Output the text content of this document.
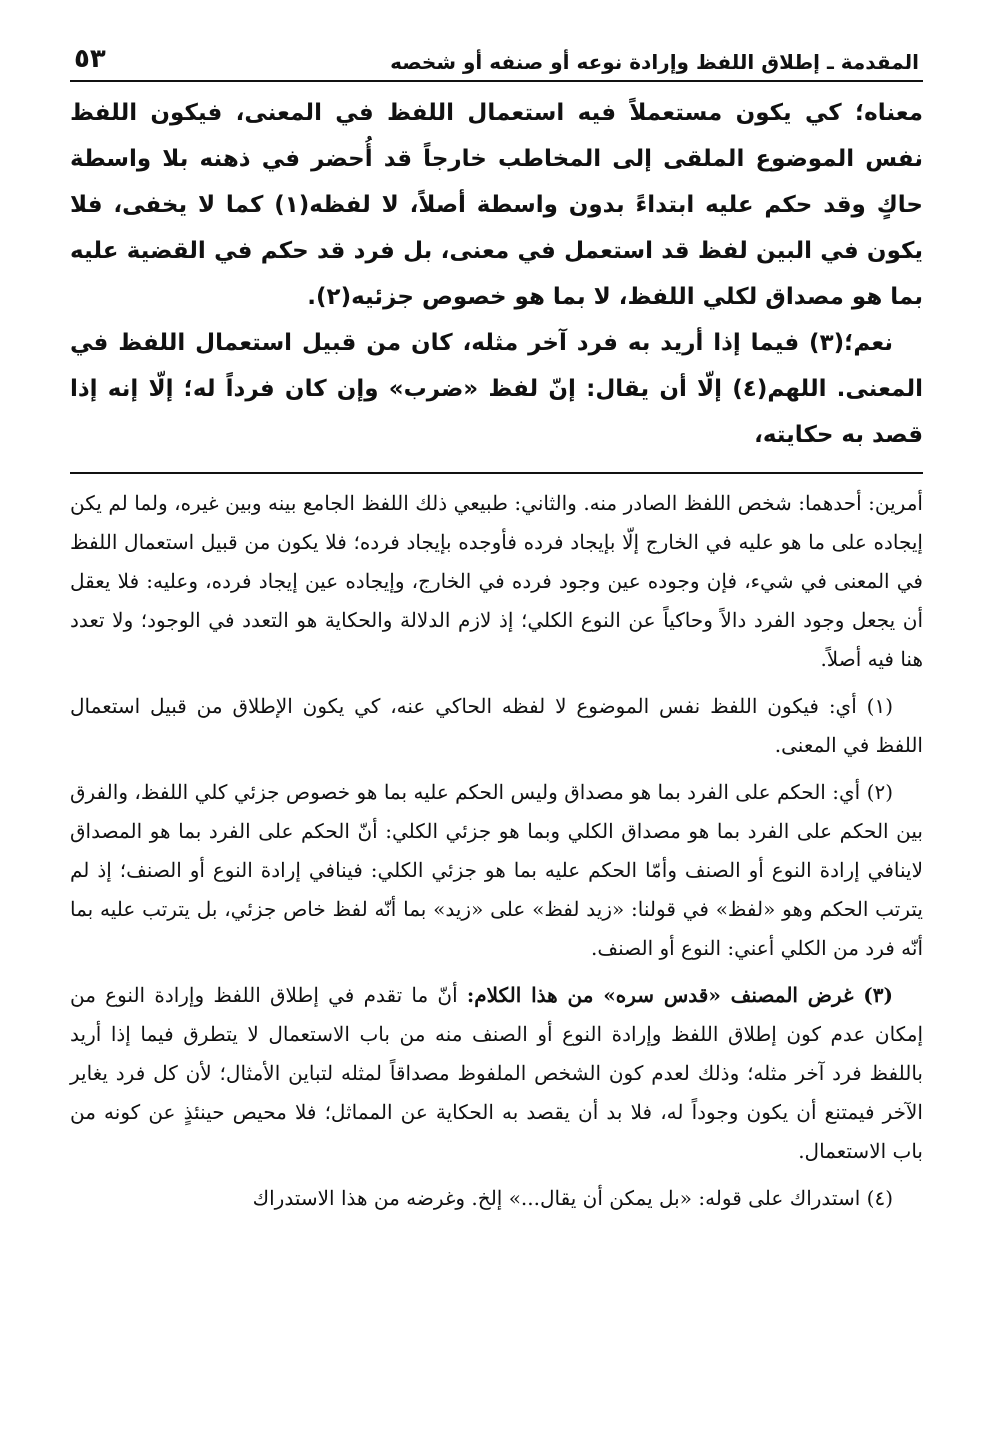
المقدمة ـ إطلاق اللفظ وإرادة نوعه أو صنفه أو شخصه
٥٣

معناه؛ كي يكون مستعملاً فيه استعمال اللفظ في المعنى، فيكون اللفظ نفس الموضوع الملقى إلى المخاطب خارجاً قد أُحضر في ذهنه بلا واسطة حاكٍ وقد حكم عليه ابتداءً بدون واسطة أصلاً، لا لفظه(١) كما لا يخفى، فلا يكون في البين لفظ قد استعمل في معنى، بل فرد قد حكم في القضية عليه بما هو مصداق لكلي اللفظ، لا بما هو خصوص جزئيه(٢).

نعم؛(٣) فيما إذا أريد به فرد آخر مثله، كان من قبيل استعمال اللفظ في المعنى. اللهم(٤) إلّا أن يقال: إنّ لفظ «ضرب» وإن كان فرداً له؛ إلّا إنه إذا قصد به حكايته،

أمرين: أحدهما: شخص اللفظ الصادر منه. والثاني: طبيعي ذلك اللفظ الجامع بينه وبين غيره، ولما لم يكن إيجاده على ما هو عليه في الخارج إلّا بإيجاد فرده فأوجده بإيجاد فرده؛ فلا يكون من قبيل استعمال اللفظ في المعنى في شيء، فإن وجوده عين وجود فرده في الخارج، وإيجاده عين إيجاد فرده، وعليه: فلا يعقل أن يجعل وجود الفرد دالاً وحاكياً عن النوع الكلي؛ إذ لازم الدلالة والحكاية هو التعدد في الوجود؛ ولا تعدد هنا فيه أصلاً.

(١) أي: فيكون اللفظ نفس الموضوع لا لفظه الحاكي عنه، كي يكون الإطلاق من قبيل استعمال اللفظ في المعنى.

(٢) أي: الحكم على الفرد بما هو مصداق وليس الحكم عليه بما هو خصوص جزئي كلي اللفظ، والفرق بين الحكم على الفرد بما هو مصداق الكلي وبما هو جزئي الكلي: أنّ الحكم على الفرد بما هو المصداق لاينافي إرادة النوع أو الصنف وأمّا الحكم عليه بما هو جزئي الكلي: فينافي إرادة النوع أو الصنف؛ إذ لم يترتب الحكم وهو «لفظ» في قولنا: «زيد لفظ» على «زيد» بما أنّه لفظ خاص جزئي، بل يترتب عليه بما أنّه فرد من الكلي أعني: النوع أو الصنف.

(٣) غرض المصنف «قدس سره» من هذا الكلام: أنّ ما تقدم في إطلاق اللفظ وإرادة النوع من إمكان عدم كون إطلاق اللفظ وإرادة النوع أو الصنف منه من باب الاستعمال لا يتطرق فيما إذا أريد باللفظ فرد آخر مثله؛ وذلك لعدم كون الشخص الملفوظ مصداقاً لمثله لتباين الأمثال؛ لأن كل فرد يغاير الآخر فيمتنع أن يكون وجوداً له، فلا بد أن يقصد به الحكاية عن المماثل؛ فلا محيص حينئذٍ عن كونه من باب الاستعمال.

(٤) استدراك على قوله: «بل يمكن أن يقال...» إلخ. وغرضه من هذا الاستدراك
